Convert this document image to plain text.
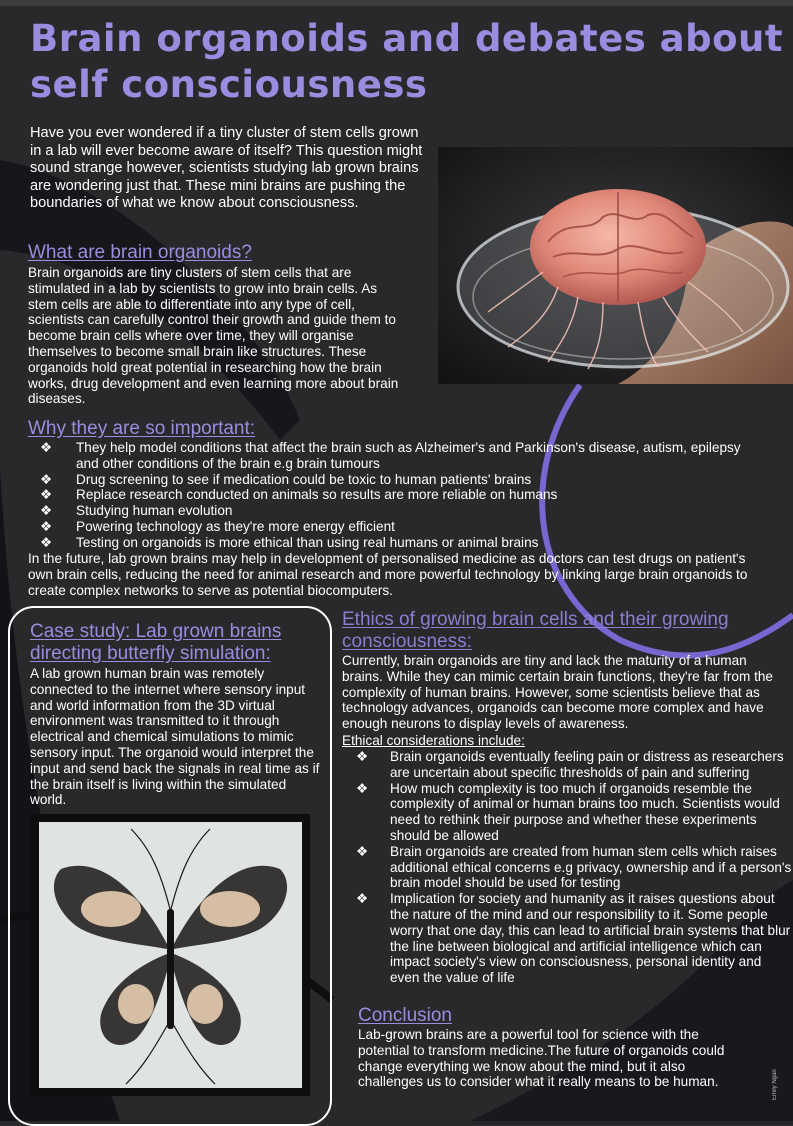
Brain organoids and debates about self consciousness

Have you ever wondered if a tiny cluster of stem cells grown in a lab will ever become aware of itself? This question might sound strange however, scientists studying lab grown brains are wondering just that. These mini brains are pushing the boundaries of what we know about consciousness.

What are brain organoids?

Brain organoids are tiny clusters of stem cells that are stimulated in a lab by scientists to grow into brain cells. As stem cells are able to differentiate into any type of cell, scientists can carefully control their growth and guide them to become brain cells where over time, they will organise themselves to become small brain like structures. These organoids hold great potential in researching how the brain works, drug development and even learning more about brain diseases.

Why they are so important:
❖ They help model conditions that affect the brain such as Alzheimer's and Parkinson's disease, autism, epilepsy and other conditions of the brain e.g brain tumours
❖ Drug screening to see if medication could be toxic to human patients' brains
❖ Replace research conducted on animals so results are more reliable on humans
❖ Studying human evolution
❖ Powering technology as they're more energy efficient
❖ Testing on organoids is more ethical than using real humans or animal brains

In the future, lab grown brains may help in development of personalised medicine as doctors can test drugs on patient's own brain cells, reducing the need for animal research and more powerful technology by linking large brain organoids to create complex networks to serve as potential biocomputers.

Case study: Lab grown brains directing butterfly simulation:

A lab grown human brain was remotely connected to the internet where sensory input and world information from the 3D virtual environment was transmitted to it through electrical and chemical simulations to mimic sensory input. The organoid would interpret the input and send back the signals in real time as if the brain itself is living within the simulated world.

Ethics of growing brain cells and their growing consciousness:

Currently, brain organoids are tiny and lack the maturity of a human brains. While they can mimic certain brain functions, they're far from the complexity of human brains. However, some scientists believe that as technology advances, organoids can become more complex and have enough neurons to display levels of awareness.

Ethical considerations include:

❖ Brain organoids eventually feeling pain or distress as researchers are uncertain about specific thresholds of pain and suffering
❖ How much complexity is too much if organoids resemble the complexity of animal or human brains too much. Scientists would need to rethink their purpose and whether these experiments should be allowed
❖ Brain organoids are created from human stem cells which raises additional ethical concerns e.g privacy, ownership and if a person's brain model should be used for testing
❖ Implication for society and humanity as it raises questions about the nature of the mind and our responsibility to it. Some people worry that one day, this can lead to artificial brain systems that blur the line between biological and artificial intelligence which can impact society's view on consciousness, personal identity and even the value of life
Conclusion

Lab-grown brains are a powerful tool for science with the potential to transform medicine.The future of organoids could change everything we know about the mind, but it also challenges us to consider what it really means to be human.	Emily Ngan
